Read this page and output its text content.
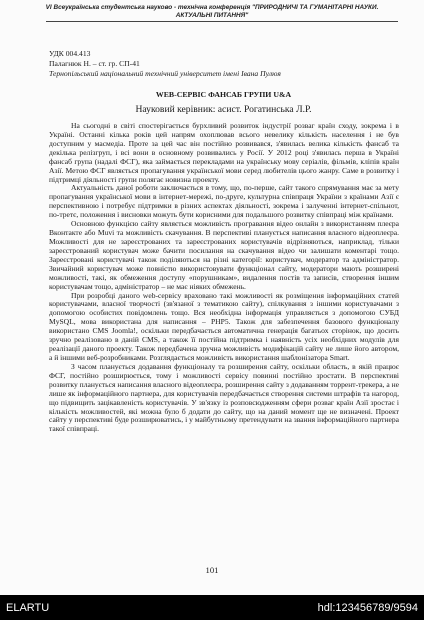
VI Всеукраїнська студентська науково - технічна конференція "ПРИРОДНИЧІ ТА ГУМАНІТАРНІ НАУКИ.
АКТУАЛЬНІ ПИТАННЯ"
УДК 004.413
Палагнюк Н. – ст. гр. СП-41
Тернопільський національний технічний університет імені Івана Пулюя
WEB-СЕРВІС ФАНСАБ ГРУПИ U&A
Науковий керівник: асист. Рогатинська Л.Р.

На сьогодні в світі спостерігається бурхливий розвиток індустрії розваг країн сходу, зокрема і в Україні. Останні кілька років цей напрям охоплював всього невелику кількість населення і не був доступним у масмедіа. Проте за цей час він постійно розвивався, з'явилась велика кількість фансаб та декілька релізгруп, і всі вони в основному розвивались у Росії. У 2012 році з'явилась перша в Україні фансаб група (надалі ФСГ), яка займається перекладами на українську мову серіалів, фільмів, кліпів країн Азії. Метою ФСГ являється пропагування української мови серед любителів цього жанру. Саме в розвитку і підтримці діяльності групи полягає новизна проекту.

Актуальність даної роботи заключається в тому, що, по-перше, сайт такого спрямування має за мету пропагування української мови в інтернет-мережі, по-друге, культурна співпраця України з країнами Азії є перспективною і потребує підтримки в різних аспектах діяльності, зокрема і залученні інтернет-спільнот, по-третє, положення і висновки можуть бути корисними для подальшого розвитку співпраці між країнами.

Основною функцією сайту являється можливість програвання відео онлайн з використанням плеєра Вконтакте або Muvi та можливість скачування. В перспективі планується написання власного відеоплеєра. Можливості для не зареєстрованих та зареєстрованих користувачів відрізняються, наприклад, тільки зареєстрований користувач може бачити посилання на скачування відео чи залишати коментарі тощо. Зареєстровані користувачі також поділяються на різні категорії: користувач, модератор та адміністратор. Звичайний користувач може повністю використовувати функціонал сайту, модератори мають розширені можливості, такі, як обмеження доступу «порушникам», видалення постів та записів, створення іншим користувачам тощо, адміністратор – не має ніяких обмежень.

При розробці даного web-сервісу враховано такі можливості як розміщення інформаційних статей користувачами, власної творчості (зв'язаної з тематикою сайту), спілкування з іншими користувачами з допомогою особистих повідомлень тощо. Вся необхідна інформація управляється з допомогою СУБД MySQL, мова використана для написання – PHP5. Також для забезпечення базового функціоналу використано CMS Joomla!, оскільки передбачається автоматична генерація багатьох сторінок, що досить зручно реалізовано в даній CMS, а також її постійна підтримка і наявність усіх необхідних модулів для реалізації даного проекту. Також передбачена зручна можливість модифікацій сайту не лише його автором, а й іншими веб-розробниками. Розглядається можливість використання шаблонізатора Smart.

З часом планується додавання функціоналу та розширення сайту, оскільки область, в якій працює ФСГ, постійно розширюється, тому і можливості сервісу повинні постійно зростати. В перспективі розвитку планується написання власного відеоплеєра, розширення сайту з додаванням торрент-трекера, а не лише як інформаційного партнера, для користувачів передбачається створення системи штрафів та нагород, що підвищить зацікавленість користувачів. У зв'язку із розповсюдженням сфери розваг країн Азії зростає і кількість можливостей, які можна було б додати до сайту, що на даний момент ще не визначені. Проект сайту у перспективі буде розширюватись, і у майбутньому претендувати на звання інформаційного партнера такої співпраці.

101
ELARTU	hdl:123456789/9594
